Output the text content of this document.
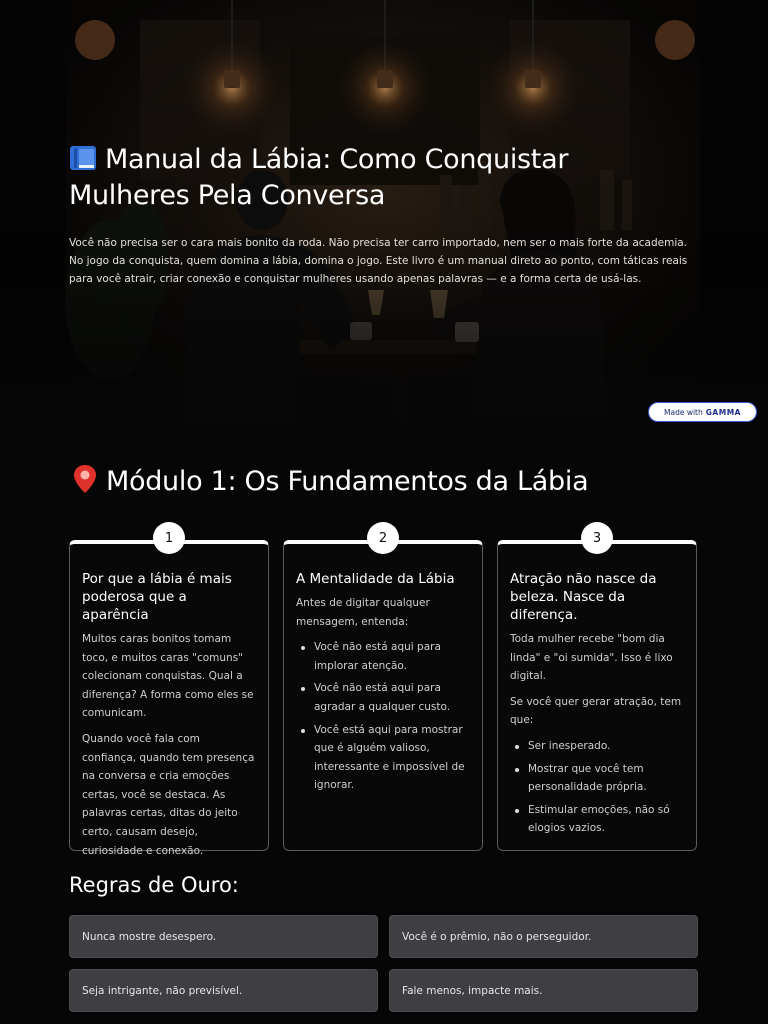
Manual da Lábia: Como Conquistar Mulheres Pela Conversa

Você não precisa ser o cara mais bonito da roda. Não precisa ter carro importado, nem ser o mais forte da academia. No jogo da conquista, quem domina a lábia, domina o jogo. Este livro é um manual direto ao ponto, com táticas reais para você atrair, criar conexão e conquistar mulheres usando apenas palavras — e a forma certa de usá-las.

Made with GAMMA
Módulo 1: Os Fundamentos da Lábia
1
Por que a lábia é mais poderosa que a aparência

Muitos caras bonitos tomam toco, e muitos caras "comuns" colecionam conquistas. Qual a diferença? A forma como eles se comunicam.

Quando você fala com confiança, quando tem presença na conversa e cria emoções certas, você se destaca. As palavras certas, ditas do jeito certo, causam desejo, curiosidade e conexão.

2
A Mentalidade da Lábia

Antes de digitar qualquer mensagem, entenda:

Você não está aqui para implorar atenção.
Você não está aqui para agradar a qualquer custo.
Você está aqui para mostrar que é alguém valioso, interessante e impossível de ignorar.
3
Atração não nasce da beleza. Nasce da diferença.

Toda mulher recebe "bom dia linda" e "oi sumida". Isso é lixo digital.

Se você quer gerar atração, tem que:

Ser inesperado.
Mostrar que você tem personalidade própria.
Estimular emoções, não só elogios vazios.
Regras de Ouro:
Nunca mostre desespero.	Você é o prêmio, não o perseguidor.
Seja intrigante, não previsível.	Fale menos, impacte mais.
